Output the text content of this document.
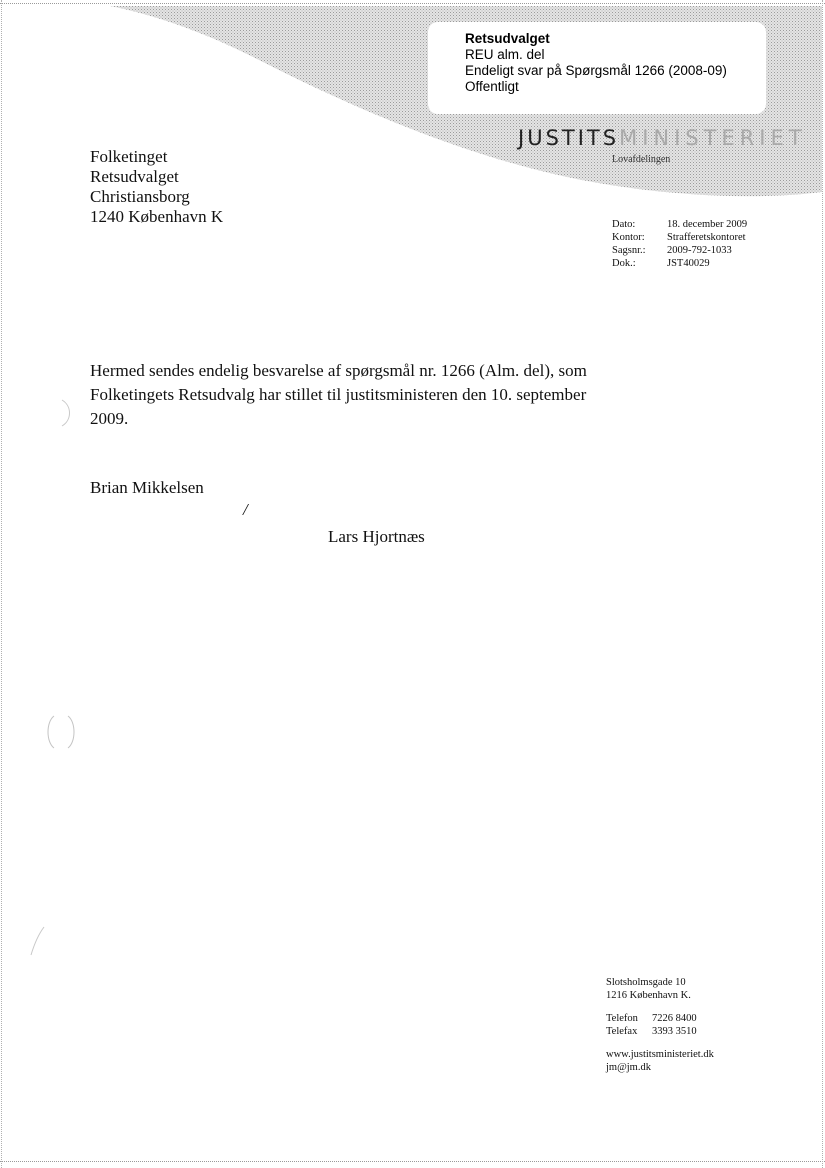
Retsudvalget
REU alm. del
Endeligt svar på Spørgsmål 1266 (2008-09)
Offentligt
JUSTITSMINISTERIET
Lovafdelingen
Folketinget
Retsudvalget
Christiansborg
1240 København K	Dato:	18. december 2009
Kontor:	Strafferetskontoret
Sagsnr.:	2009-792-1033
Dok.:	JST40029
Hermed sendes endelig besvarelse af spørgsmål nr. 1266 (Alm. del), som
Folketingets Retsudvalg har stillet til justitsministeren den 10. september
2009.
Brian Mikkelsen
/
Lars Hjortnæs
Slotsholmsgade 10
1216 København K.
Telefon 7226 8400
Telefax 3393 3510
www.justitsministeriet.dk
jm@jm.dk
